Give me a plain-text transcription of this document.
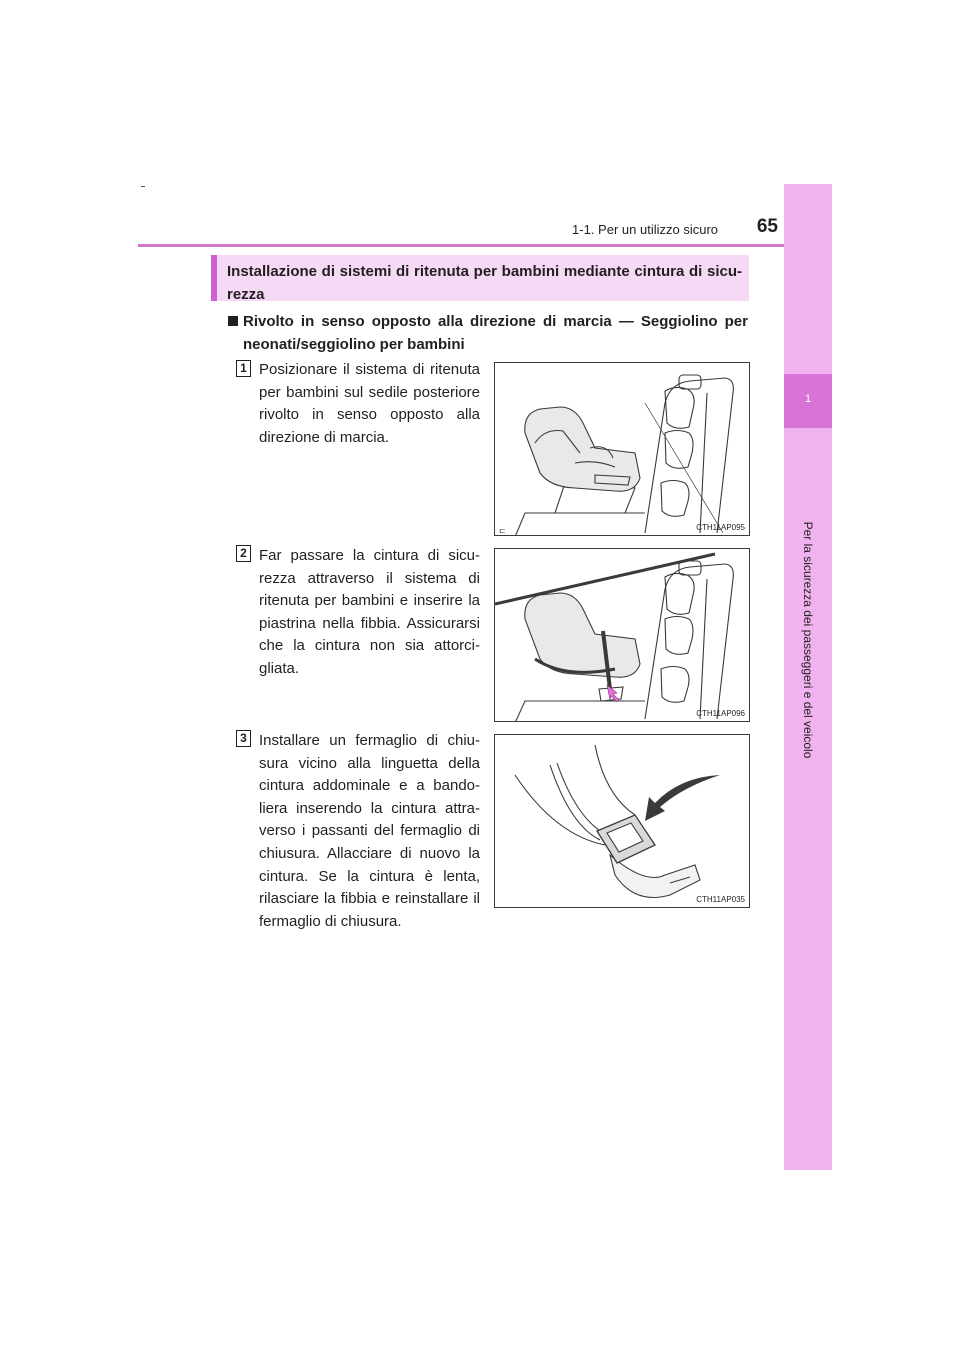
1-1. Per un utilizzo sicuro 65
1
Per la sicurezza dei passeggeri e del veicolo
Installazione di sistemi di ritenuta per bambini mediante cintura di sicu-rezza
Rivolto in senso opposto alla direzione di marcia — Seggiolino per
neonati/seggiolino per bambini
1 Posizionare il sistema di ritenuta per bambini sul sedile posteriore rivolto in senso opposto alla direzione di marcia.
⊏	CTH11AP095
2 Far passare la cintura di sicu-rezza attraverso il sistema di ritenuta per bambini e inserire la piastrina nella fibbia. Assicurarsi che la cintura non sia attorci-gliata.
CTH11AP096
3 Installare un fermaglio di chiu-sura vicino alla linguetta della cintura addominale e a bando-liera inserendo la cintura attra-verso i passanti del fermaglio di chiusura. Allacciare di nuovo la cintura. Se la cintura è lenta, rilasciare la fibbia e reinstallare il fermaglio di chiusura.
CTH11AP035
